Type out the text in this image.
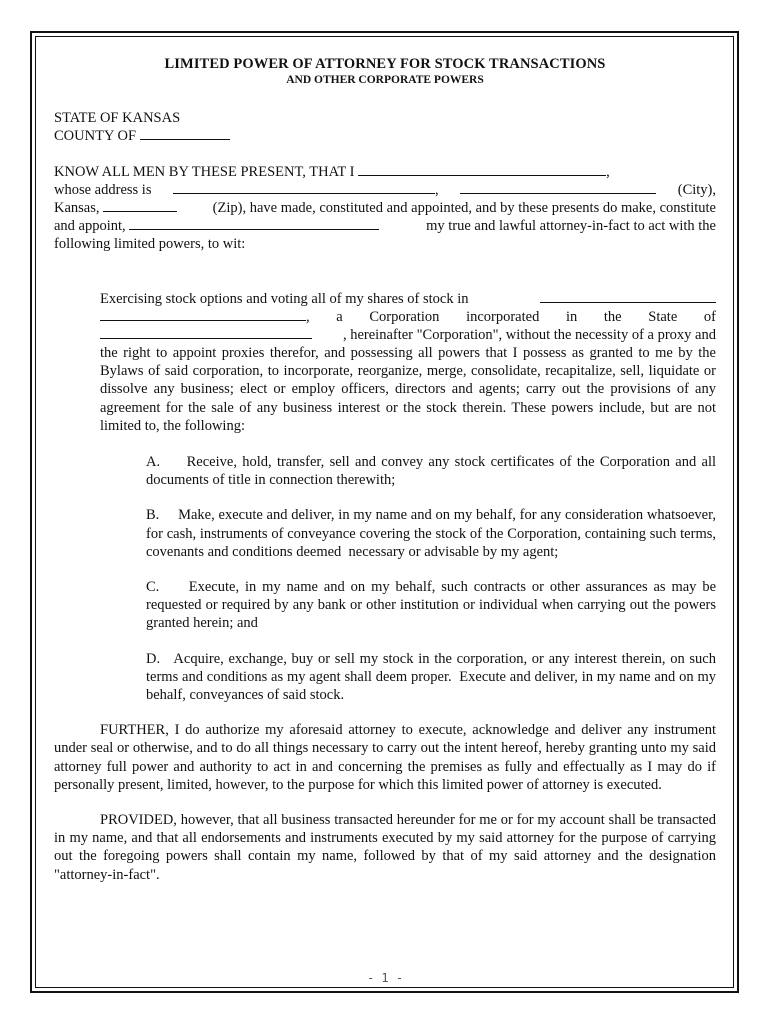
LIMITED POWER OF ATTORNEY FOR STOCK TRANSACTIONS

AND OTHER CORPORATE POWERS

STATE OF KANSAS

COUNTY OF

KNOW ALL MEN BY THESE PRESENT, THAT I	,

whose address is	,	(City),

Kansas,	(Zip), have made, constituted and appointed, and by these presents do make, constitute

and appoint,	my true and lawful attorney-in-fact to act with the

following limited powers, to wit:

Exercising stock options and voting all of my shares of stock in

, a Corporation incorporated in the State of

, hereinafter "Corporation", without the necessity of a proxy and

the right to appoint proxies therefor, and possessing all powers that I possess as granted to me by the Bylaws of said corporation, to incorporate, reorganize, merge, consolidate, recapitalize, sell, liquidate or dissolve any business; elect or employ officers, directors and agents; carry out the provisions of any agreement for the sale of any business interest or the stock therein. These powers include, but are not limited to, the following:

A.     Receive, hold, transfer, sell and convey any stock certificates of the Corporation and all documents of title in connection therewith;

B.     Make, execute and deliver, in my name and on my behalf, for any consideration whatsoever, for cash, instruments of conveyance covering the stock of the Corporation, containing such terms, covenants and conditions deemed  necessary or advisable by my agent;

C.     Execute, in my name and on my behalf, such contracts or other assurances as may be requested or required by any bank or other institution or individual when carrying out the powers granted herein; and

D.   Acquire, exchange, buy or sell my stock in the corporation, or any interest therein, on such terms and conditions as my agent shall deem proper.  Execute and deliver, in my name and on my behalf, conveyances of said stock.

FURTHER, I do authorize my aforesaid attorney to execute, acknowledge and deliver any instrument under seal or otherwise, and to do all things necessary to carry out the intent hereof, hereby granting unto my said attorney full power and authority to act in and concerning the premises as fully and effectually as I may do if personally present, limited, however, to the purpose for which this limited power of attorney is executed.

PROVIDED, however, that all business transacted hereunder for me or for my account shall be transacted in my name, and that all endorsements and instruments executed by my said attorney for the purpose of carrying out the foregoing powers shall contain my name, followed by that of my said attorney and the designation "attorney-in-fact".

- 1 -
